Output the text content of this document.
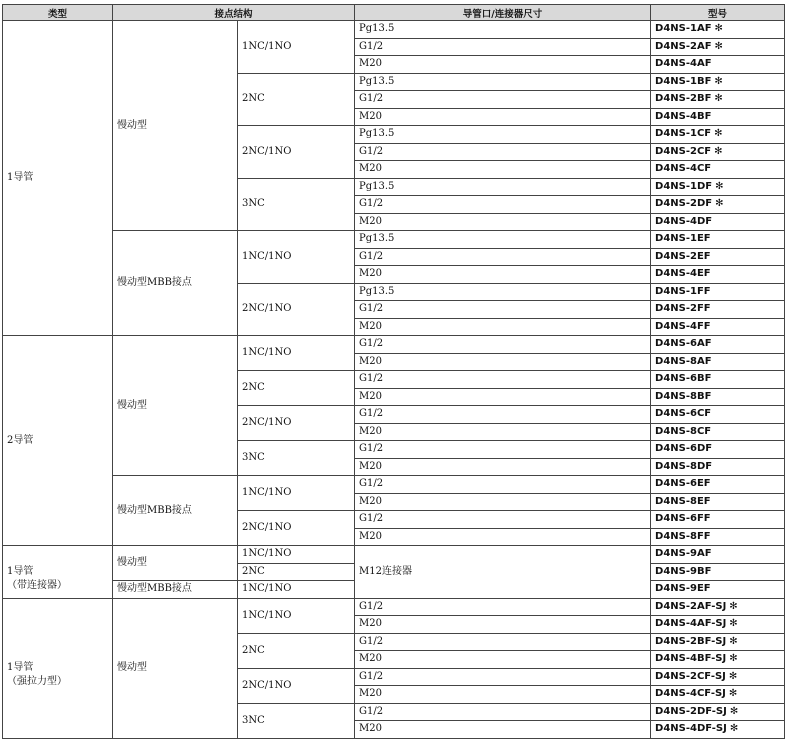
类型	接点结构		导管口/连接器尺寸	型号
1导管	慢动型	1NC/1NO	Pg13.5	D4NS-1AF ✻
			G1/2	D4NS-2AF ✻
			M20	D4NS-4AF
		2NC	Pg13.5	D4NS-1BF ✻
			G1/2	D4NS-2BF ✻
			M20	D4NS-4BF
		2NC/1NO	Pg13.5	D4NS-1CF ✻
			G1/2	D4NS-2CF ✻
			M20	D4NS-4CF
		3NC	Pg13.5	D4NS-1DF ✻
			G1/2	D4NS-2DF ✻
			M20	D4NS-4DF
	慢动型MBB接点	1NC/1NO	Pg13.5	D4NS-1EF
			G1/2	D4NS-2EF
			M20	D4NS-4EF
		2NC/1NO	Pg13.5	D4NS-1FF
			G1/2	D4NS-2FF
			M20	D4NS-4FF
2导管	慢动型	1NC/1NO	G1/2	D4NS-6AF
			M20	D4NS-8AF
		2NC	G1/2	D4NS-6BF
			M20	D4NS-8BF
		2NC/1NO	G1/2	D4NS-6CF
			M20	D4NS-8CF
		3NC	G1/2	D4NS-6DF
			M20	D4NS-8DF
	慢动型MBB接点	1NC/1NO	G1/2	D4NS-6EF
			M20	D4NS-8EF
		2NC/1NO	G1/2	D4NS-6FF
			M20	D4NS-8FF

1导管
（带连接器）	慢动型	1NC/1NO	M12连接器	D4NS-9AF
		2NC		D4NS-9BF
	慢动型MBB接点	1NC/1NO		D4NS-9EF

1导管
（强拉力型）	慢动型	1NC/1NO	G1/2	D4NS-2AF-SJ ✻
			M20	D4NS-4AF-SJ ✻
		2NC	G1/2	D4NS-2BF-SJ ✻
			M20	D4NS-4BF-SJ ✻
		2NC/1NO	G1/2	D4NS-2CF-SJ ✻
			M20	D4NS-4CF-SJ ✻
		3NC	G1/2	D4NS-2DF-SJ ✻
			M20	D4NS-4DF-SJ ✻
